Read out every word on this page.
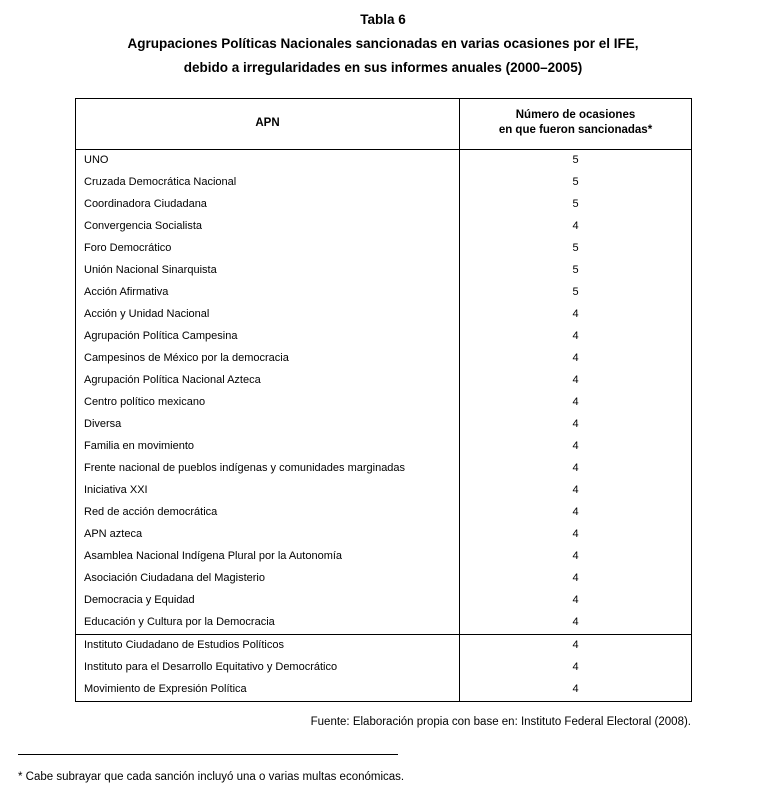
Tabla 6
Agrupaciones Políticas Nacionales sancionadas en varias ocasiones por el IFE,
debido a irregularidades en sus informes anuales (2000–2005)
APN	Número de ocasiones
en que fueron sancionadas*
UNO	5
Cruzada Democrática Nacional	5
Coordinadora Ciudadana	5
Convergencia Socialista	4
Foro Democrático	5
Unión Nacional Sinarquista	5
Acción Afirmativa	5
Acción y Unidad Nacional	4
Agrupación Política Campesina	4
Campesinos de México por la democracia	4
Agrupación Política Nacional Azteca	4
Centro político mexicano	4
Diversa	4
Familia en movimiento	4
Frente nacional de pueblos indígenas y comunidades marginadas	4
Iniciativa XXI	4
Red de acción democrática	4
APN azteca	4
Asamblea Nacional Indígena Plural por la Autonomía	4
Asociación Ciudadana del Magisterio	4
Democracia y Equidad	4
Educación y Cultura por la Democracia	4
Instituto Ciudadano de Estudios Políticos	4
Instituto para el Desarrollo Equitativo y Democrático	4
Movimiento de Expresión Política	4
Fuente: Elaboración propia con base en: Instituto Federal Electoral (2008).
* Cabe subrayar que cada sanción incluyó una o varias multas económicas.
